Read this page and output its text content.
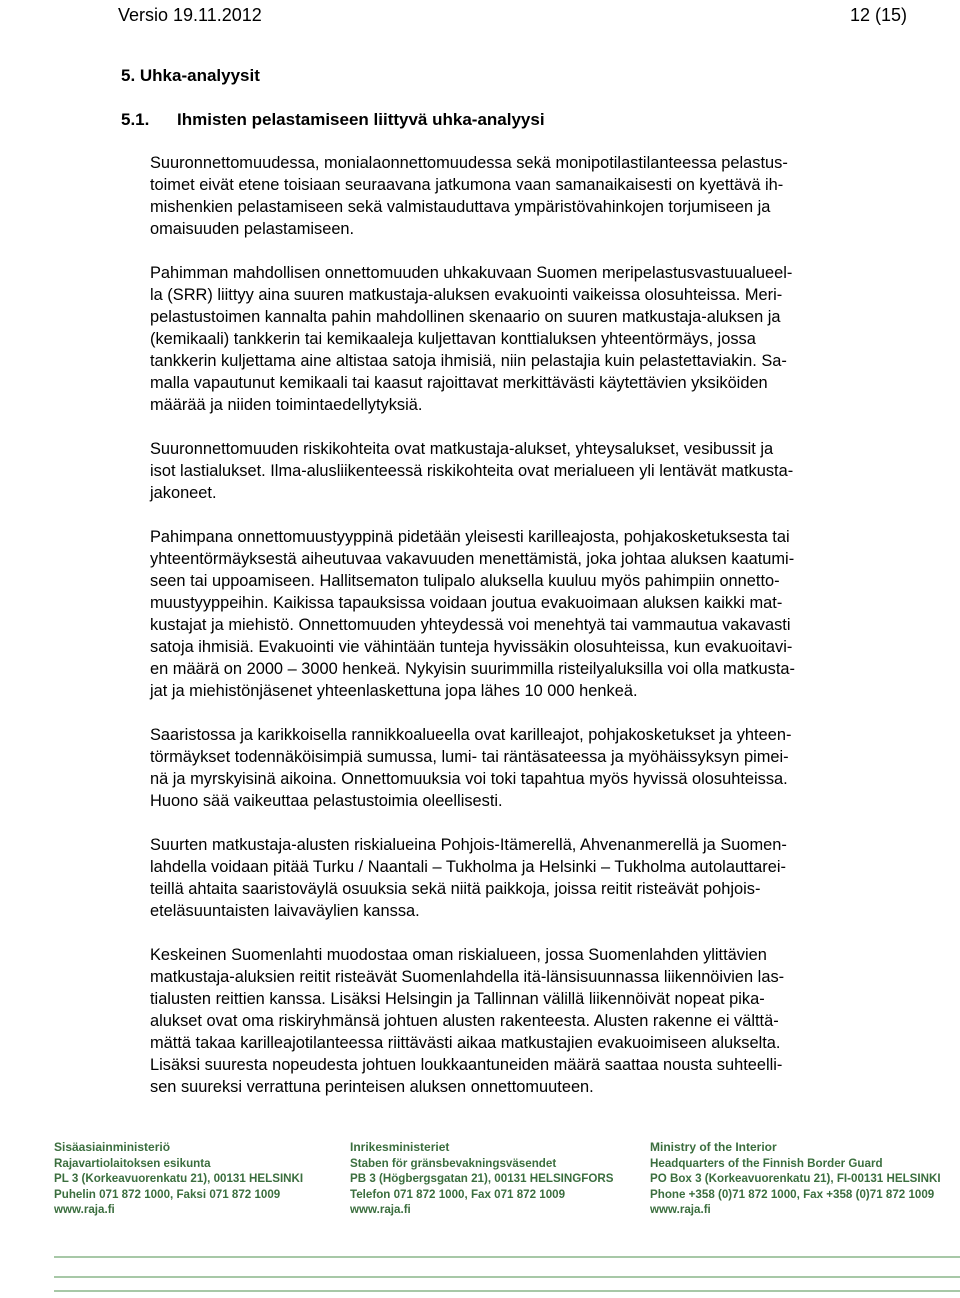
Versio 19.11.2012	12 (15)
5. Uhka-analyysit
5.1. Ihmisten pelastamiseen liittyvä uhka-analyysi

Suuronnettomuudessa, monialaonnettomuudessa sekä monipotilastilanteessa pelastus-
toimet eivät etene toisiaan seuraavana jatkumona vaan samanaikaisesti on kyettävä ih-
mishenkien pelastamiseen sekä valmistauduttava ympäristövahinkojen torjumiseen ja
omaisuuden pelastamiseen.

Pahimman mahdollisen onnettomuuden uhkakuvaan Suomen meripelastusvastuualueel-
la (SRR) liittyy aina suuren matkustaja-aluksen evakuointi vaikeissa olosuhteissa. Meri-
pelastustoimen kannalta pahin mahdollinen skenaario on suuren matkustaja-aluksen ja
(kemikaali) tankkerin tai kemikaaleja kuljettavan konttialuksen yhteentörmäys, jossa
tankkerin kuljettama aine altistaa satoja ihmisiä, niin pelastajia kuin pelastettaviakin. Sa-
malla vapautunut kemikaali tai kaasut rajoittavat merkittävästi käytettävien yksiköiden
määrää ja niiden toimintaedellytyksiä.

Suuronnettomuuden riskikohteita ovat matkustaja-alukset, yhteysalukset, vesibussit ja
isot lastialukset. Ilma-alusliikenteessä riskikohteita ovat merialueen yli lentävät matkusta-
jakoneet.

Pahimpana onnettomuustyyppinä pidetään yleisesti karilleajosta, pohjakosketuksesta tai
yhteentörmäyksestä aiheutuvaa vakavuuden menettämistä, joka johtaa aluksen kaatumi-
seen tai uppoamiseen. Hallitsematon tulipalo aluksella kuuluu myös pahimpiin onnetto-
muustyyppeihin. Kaikissa tapauksissa voidaan joutua evakuoimaan aluksen kaikki mat-
kustajat ja miehistö. Onnettomuuden yhteydessä voi menehtyä tai vammautua vakavasti
satoja ihmisiä. Evakuointi vie vähintään tunteja hyvissäkin olosuhteissa, kun evakuoitavi-
en määrä on 2000 – 3000 henkeä. Nykyisin suurimmilla risteilyaluksilla voi olla matkusta-
jat ja miehistönjäsenet yhteenlaskettuna jopa lähes 10 000 henkeä.

Saaristossa ja karikkoisella rannikkoalueella ovat karilleajot, pohjakosketukset ja yhteen-
törmäykset todennäköisimpiä sumussa, lumi- tai räntäsateessa ja myöhäissyksyn pimei-
nä ja myrskyisinä aikoina. Onnettomuuksia voi toki tapahtua myös hyvissä olosuhteissa.
Huono sää vaikeuttaa pelastustoimia oleellisesti.

Suurten matkustaja-alusten riskialueina Pohjois-Itämerellä, Ahvenanmerellä ja Suomen-
lahdella voidaan pitää Turku / Naantali – Tukholma ja Helsinki – Tukholma autolauttarei-
teillä ahtaita saaristoväylä osuuksia sekä niitä paikkoja, joissa reitit risteävät pohjois-
eteläsuuntaisten laivaväylien kanssa.

Keskeinen Suomenlahti muodostaa oman riskialueen, jossa Suomenlahden ylittävien
matkustaja-aluksien reitit risteävät Suomenlahdella itä-länsisuunnassa liikennöivien las-
tialusten reittien kanssa. Lisäksi Helsingin ja Tallinnan välillä liikennöivät nopeat pika-
alukset ovat oma riskiryhmänsä johtuen alusten rakenteesta. Alusten rakenne ei välttä-
mättä takaa karilleajotilanteessa riittävästi aikaa matkustajien evakuoimiseen alukselta.
Lisäksi suuresta nopeudesta johtuen loukkaantuneiden määrä saattaa nousta suhteelli-
sen suureksi verrattuna perinteisen aluksen onnettomuuteen.

Sisäasiainministeriö
Rajavartiolaitoksen esikunta
PL 3 (Korkeavuorenkatu 21), 00131 HELSINKI
Puhelin 071 872 1000, Faksi 071 872 1009
www.raja.fi
Inrikesministeriet
Staben för gränsbevakningsväsendet
PB 3 (Högbergsgatan 21), 00131 HELSINGFORS
Telefon 071 872 1000, Fax 071 872 1009
www.raja.fi
Ministry of the Interior
Headquarters of the Finnish Border Guard
PO Box 3 (Korkeavuorenkatu 21), FI-00131 HELSINKI
Phone +358 (0)71 872 1000, Fax +358 (0)71 872 1009
www.raja.fi
